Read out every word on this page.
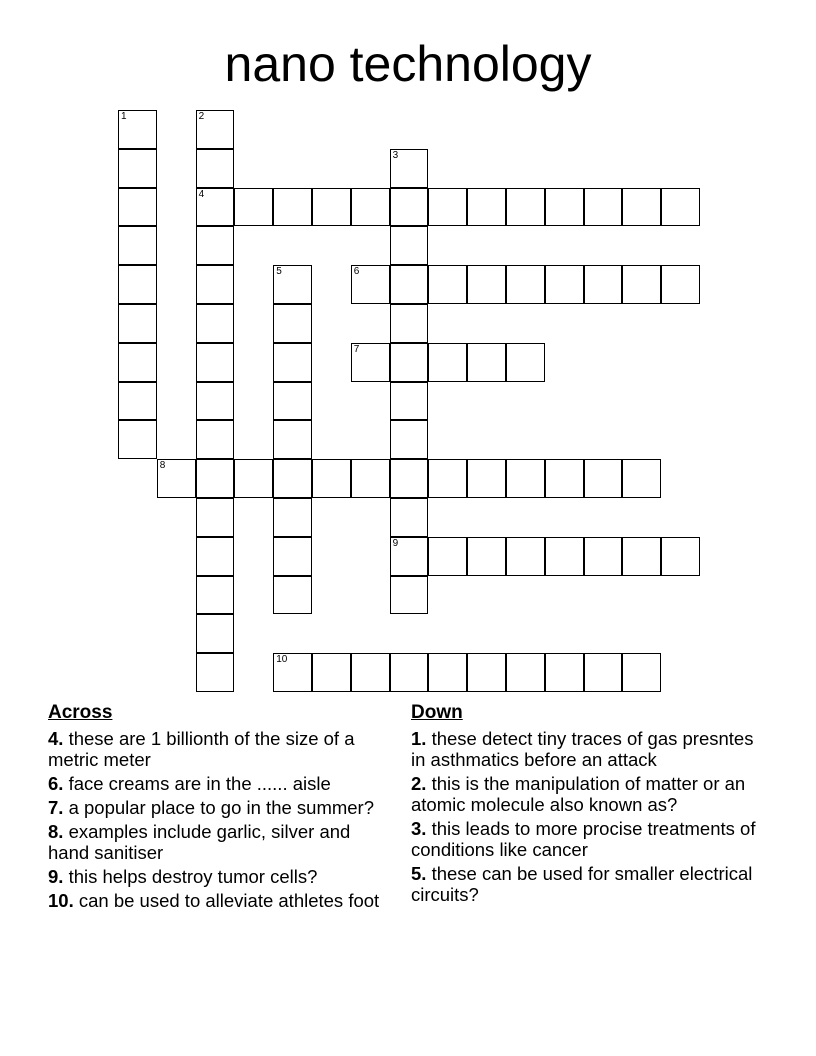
nano technology
1	2
4
3
9
5	6
7
8
10
Across
4. these are 1 billionth of the size of a metric meter
6. face creams are in the ...... aisle
7. a popular place to go in the summer?
8. examples include garlic, silver and hand sanitiser
9. this helps destroy tumor cells?
10. can be used to alleviate athletes foot
Down
1. these detect tiny traces of gas presntes in asthmatics before an attack
2. this is the manipulation of matter or an atomic molecule also known as?
3. this leads to more procise treatments of conditions like cancer
5. these can be used for smaller electrical circuits?
